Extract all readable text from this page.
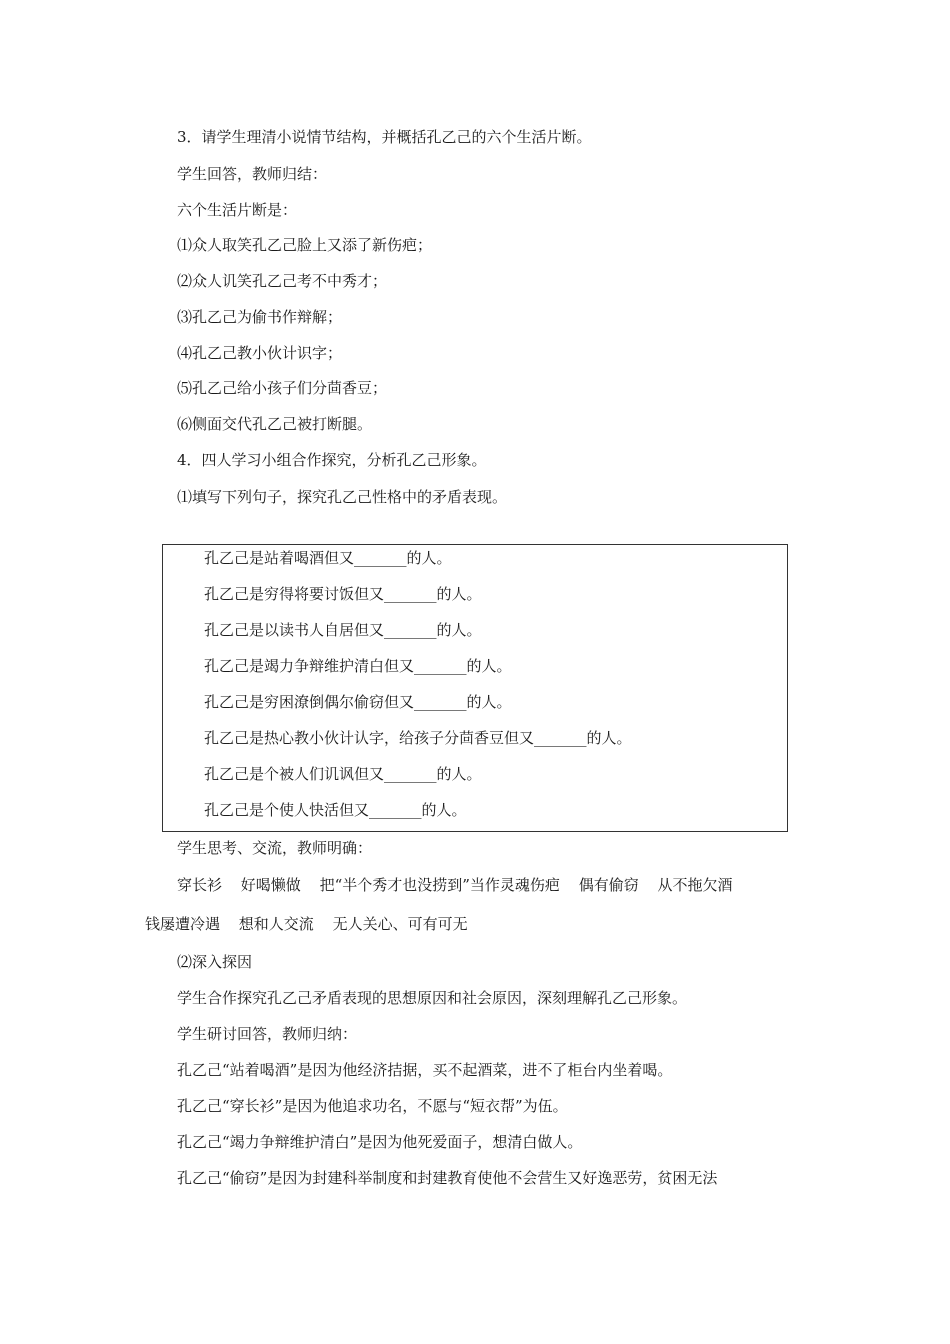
3．请学生理清小说情节结构，并概括孔乙己的六个生活片断。
学生回答，教师归结：
六个生活片断是：
⑴众人取笑孔乙己脸上又添了新伤疤；
⑵众人讥笑孔乙己考不中秀才；
⑶孔乙己为偷书作辩解；
⑷孔乙己教小伙计识字；
⑸孔乙己给小孩子们分茴香豆；
⑹侧面交代孔乙己被打断腿。
4．四人学习小组合作探究，分析孔乙己形象。
⑴填写下列句子，探究孔乙己性格中的矛盾表现。
孔乙己是站着喝酒但又_______的人。
孔乙己是穷得将要讨饭但又_______的人。
孔乙己是以读书人自居但又_______的人。
孔乙己是竭力争辩维护清白但又_______的人。
孔乙己是穷困潦倒偶尔偷窃但又_______的人。
孔乙己是热心教小伙计认字，给孩子分茴香豆但又_______的人。
孔乙己是个被人们讥讽但又_______的人。
孔乙己是个使人快活但又_______的人。
学生思考、交流，教师明确：
穿长衫 好喝懒做 把“半个秀才也没捞到”当作灵魂伤疤 偶有偷窃 从不拖欠酒
钱屡遭冷遇 想和人交流 无人关心、可有可无
⑵深入探因
学生合作探究孔乙己矛盾表现的思想原因和社会原因，深刻理解孔乙己形象。
学生研讨回答，教师归纳：
孔乙己“站着喝酒”是因为他经济拮据，买不起酒菜，进不了柜台内坐着喝。
孔乙己“穿长衫”是因为他追求功名，不愿与“短衣帮”为伍。
孔乙己“竭力争辩维护清白”是因为他死爱面子，想清白做人。
孔乙己“偷窃”是因为封建科举制度和封建教育使他不会营生又好逸恶劳，贫困无法
